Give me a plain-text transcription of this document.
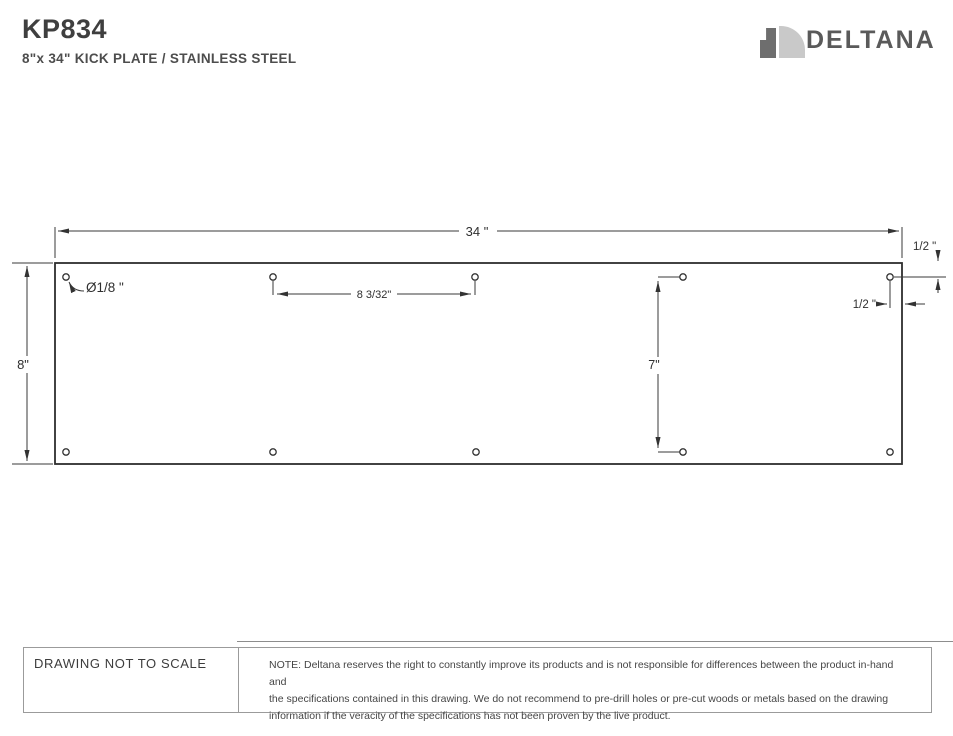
KP834
8"x 34" KICK PLATE / STAINLESS STEEL
DELTANA
34 "
8"
Ø1/8 "	8 3/32"
7"
1/2 "
1/2 "
DRAWING NOT TO SCALE	NOTE: Deltana reserves the right to constantly improve its products and is not responsible for differences between the product in-hand and
the specifications contained in this drawing. We do not recommend to pre-drill holes or pre-cut woods or metals based on the drawing
information if the veracity of the specifications has not been proven by the live product.
